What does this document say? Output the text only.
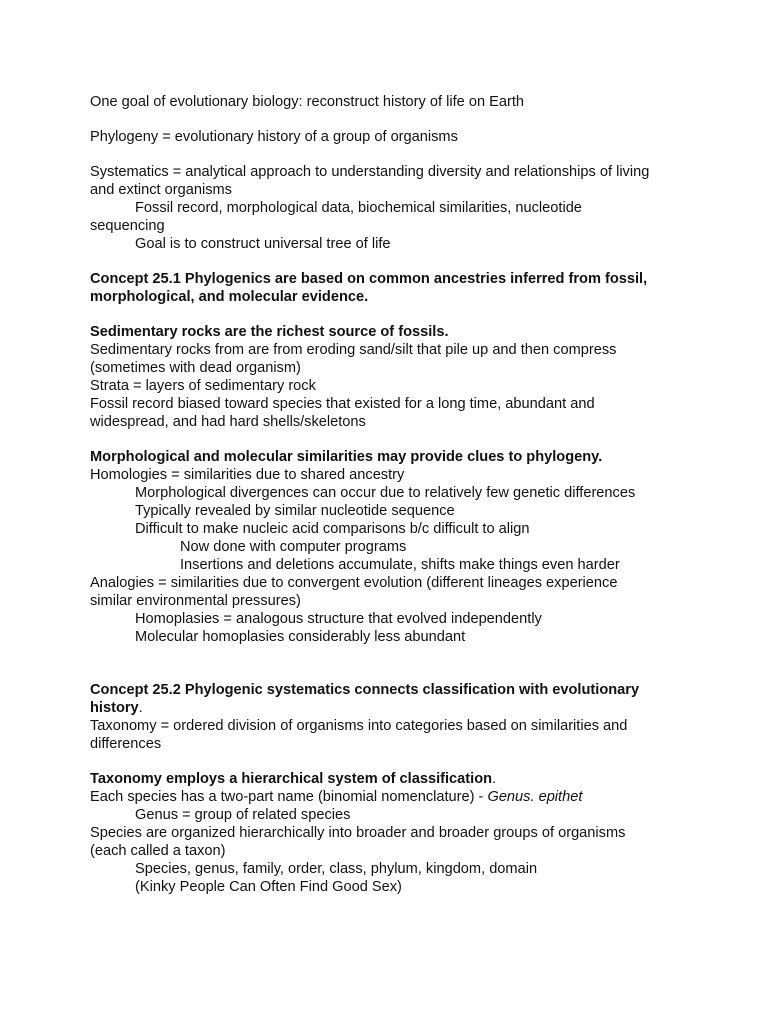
One goal of evolutionary biology: reconstruct history of life on Earth
Phylogeny = evolutionary history of a group of organisms
Systematics = analytical approach to understanding diversity and relationships of living
and extinct organisms
Fossil record, morphological data, biochemical similarities, nucleotide
sequencing
Goal is to construct universal tree of life
Concept 25.1 Phylogenics are based on common ancestries inferred from fossil,
morphological, and molecular evidence.
Sedimentary rocks are the richest source of fossils.
Sedimentary rocks from are from eroding sand/silt that pile up and then compress
(sometimes with dead organism)
Strata = layers of sedimentary rock
Fossil record biased toward species that existed for a long time, abundant and
widespread, and had hard shells/skeletons
Morphological and molecular similarities may provide clues to phylogeny.
Homologies = similarities due to shared ancestry
Morphological divergences can occur due to relatively few genetic differences
Typically revealed by similar nucleotide sequence
Difficult to make nucleic acid comparisons b/c difficult to align
Now done with computer programs
Insertions and deletions accumulate, shifts make things even harder
Analogies = similarities due to convergent evolution (different lineages experience
similar environmental pressures)
Homoplasies = analogous structure that evolved independently
Molecular homoplasies considerably less abundant
Concept 25.2 Phylogenic systematics connects classification with evolutionary
history.
Taxonomy = ordered division of organisms into categories based on similarities and
differences
Taxonomy employs a hierarchical system of classification.
Each species has a two-part name (binomial nomenclature) - Genus. epithet
Genus = group of related species
Species are organized hierarchically into broader and broader groups of organisms
(each called a taxon)
Species, genus, family, order, class, phylum, kingdom, domain
(Kinky People Can Often Find Good Sex)
